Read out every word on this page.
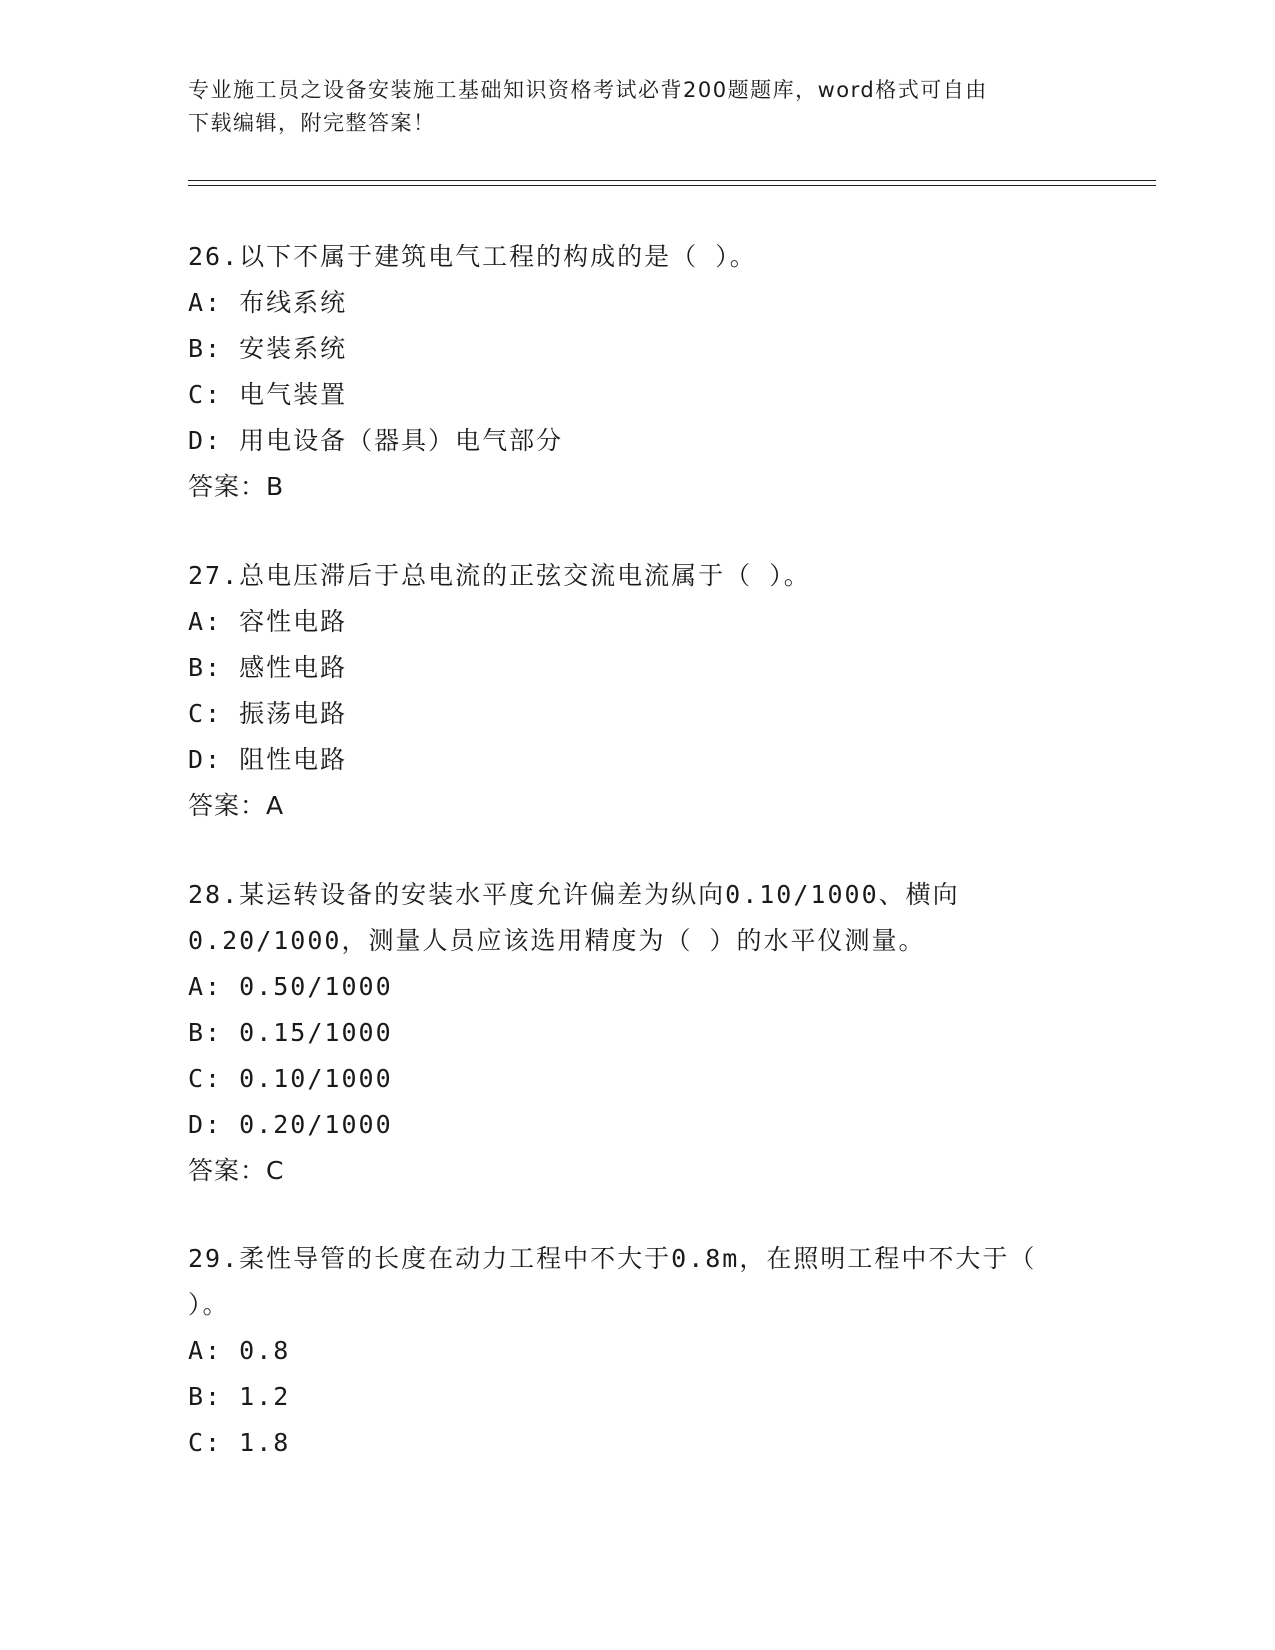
专业施工员之设备安装施工基础知识资格考试必背200题题库，word格式可自由
下载编辑，附完整答案！
26.以下不属于建筑电气工程的构成的是（ ）。
A: 布线系统
B: 安装系统
C: 电气装置
D: 用电设备（器具）电气部分
答案：B
27.总电压滞后于总电流的正弦交流电流属于（ ）。
A: 容性电路
B: 感性电路
C: 振荡电路
D: 阻性电路
答案：A
28.某运转设备的安装水平度允许偏差为纵向0.10/1000、横向
0.20/1000，测量人员应该选用精度为（ ）的水平仪测量。
A: 0.50/1000
B: 0.15/1000
C: 0.10/1000
D: 0.20/1000
答案：C
29.柔性导管的长度在动力工程中不大于0.8m，在照明工程中不大于（
）。
A: 0.8
B: 1.2
C: 1.8
